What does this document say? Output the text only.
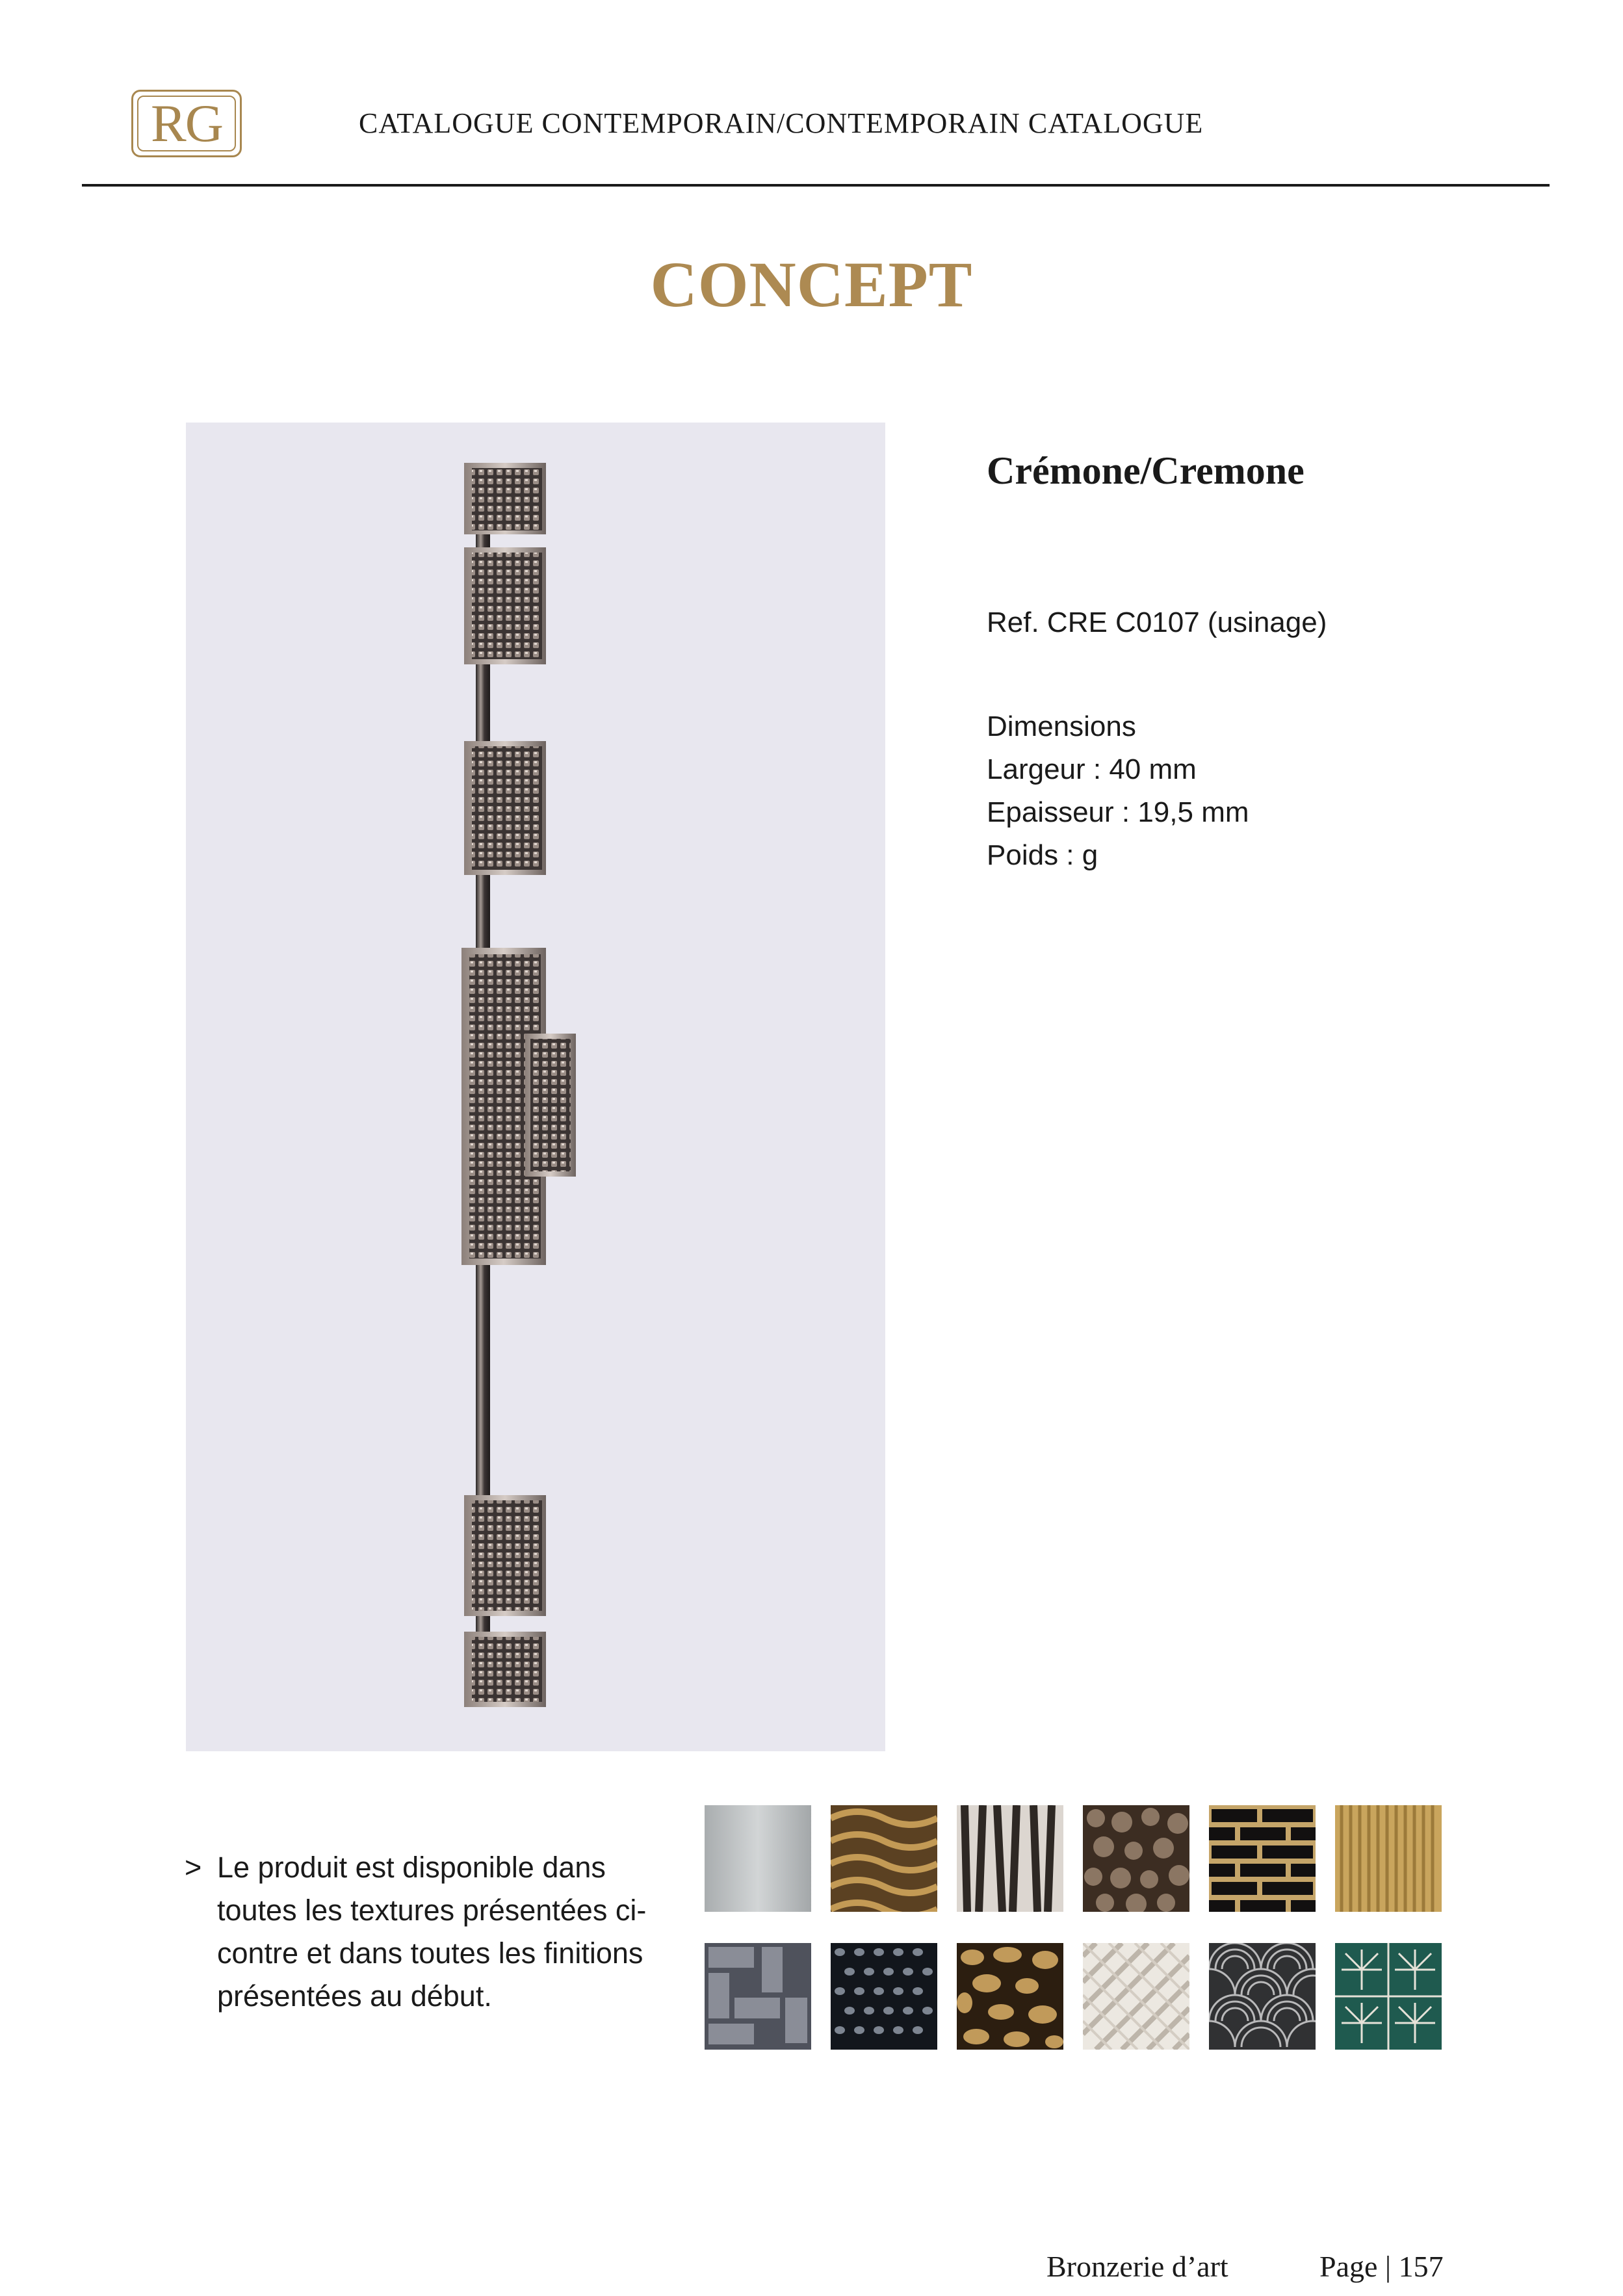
RG	CATALOGUE CONTEMPORAIN/CONTEMPORAIN CATALOGUE
CONCEPT
Crémone/Cremone
Ref. CRE C0107 (usinage)
Dimensions
Largeur : 40 mm
Epaisseur : 19,5 mm
Poids : g
> Le produit est disponible dans toutes les textures présentées ci-contre et dans toutes les finitions présentées au début.
Bronzerie d’art	Page | 157
